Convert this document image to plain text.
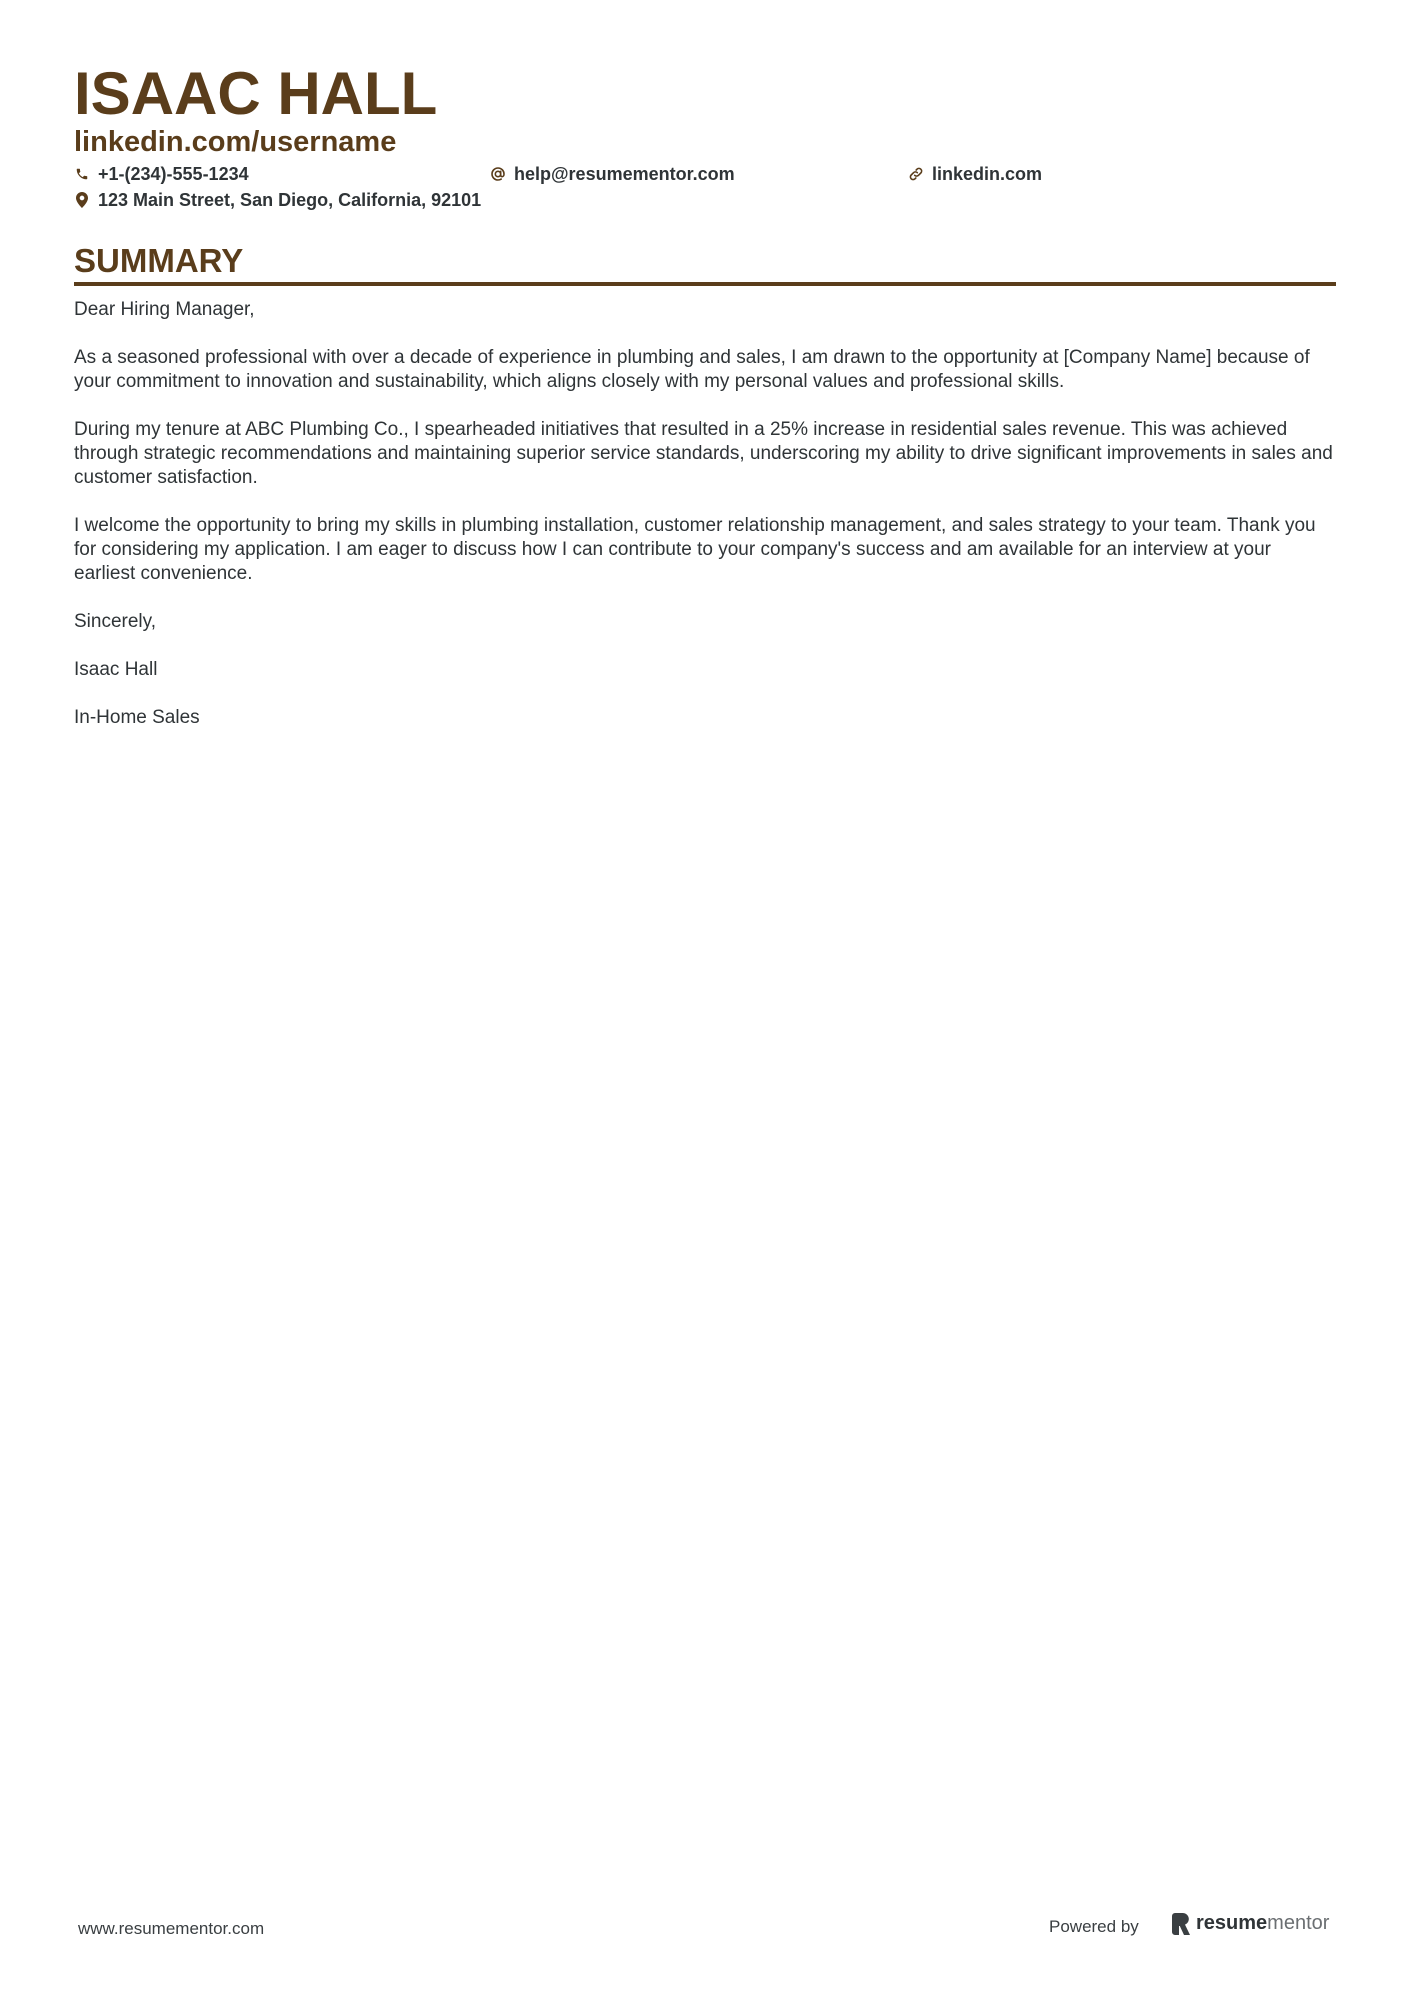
ISAAC HALL
linkedin.com/username
+1-(234)-555-1234	help@resumementor.com	linkedin.com
123 Main Street, San Diego, California, 92101
SUMMARY

Dear Hiring Manager,

As a seasoned professional with over a decade of experience in plumbing and sales, I am drawn to the opportunity at [Company Name] because of your commitment to innovation and sustainability, which aligns closely with my personal values and professional skills.

During my tenure at ABC Plumbing Co., I spearheaded initiatives that resulted in a 25% increase in residential sales revenue. This was achieved through strategic recommendations and maintaining superior service standards, underscoring my ability to drive significant improvements in sales and customer satisfaction.

I welcome the opportunity to bring my skills in plumbing installation, customer relationship management, and sales strategy to your team. Thank you for considering my application. I am eager to discuss how I can contribute to your company's success and am available for an interview at your earliest convenience.

Sincerely,

Isaac Hall

In-Home Sales

www.resumementor.com	Powered by	resume mentor
